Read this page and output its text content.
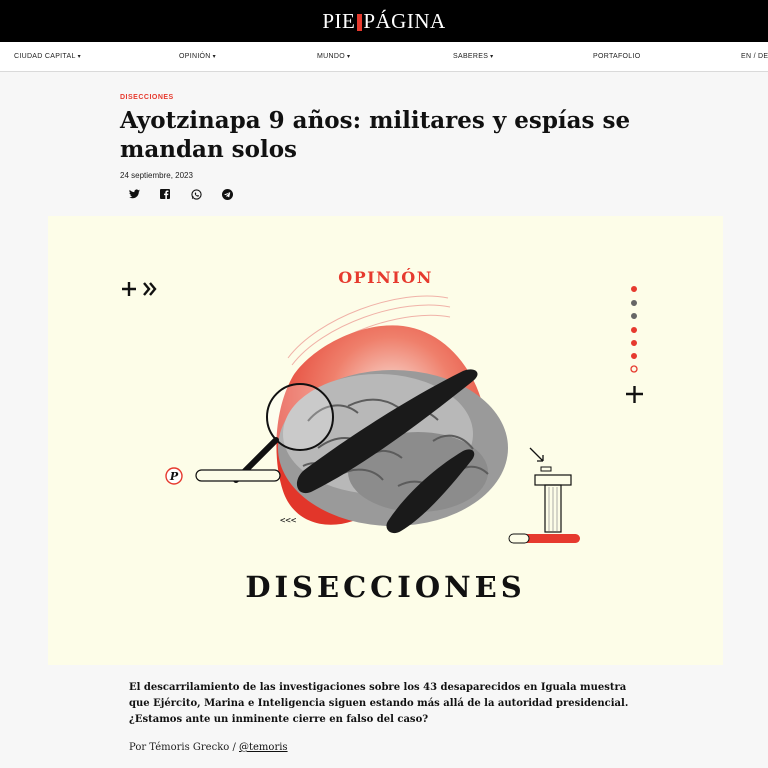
PIE PÁGINA
CIUDAD CAPITAL ▾	OPINIÓN ▾	MUNDO ▾	SABERES ▾	PORTAFOLIO	EN / DE
DISECCIONES
Ayotzinapa 9 años: militares y espías se mandan solos
24 septiembre, 2023
P
<<<
OPINIÓN
DISECCIONES

El descarrilamiento de las investigaciones sobre los 43 desaparecidos en Iguala muestra que Ejército, Marina e Inteligencia siguen estando más allá de la autoridad presidencial. ¿Estamos ante un inminente cierre en falso del caso?

Por Témoris Grecko / @temoris
